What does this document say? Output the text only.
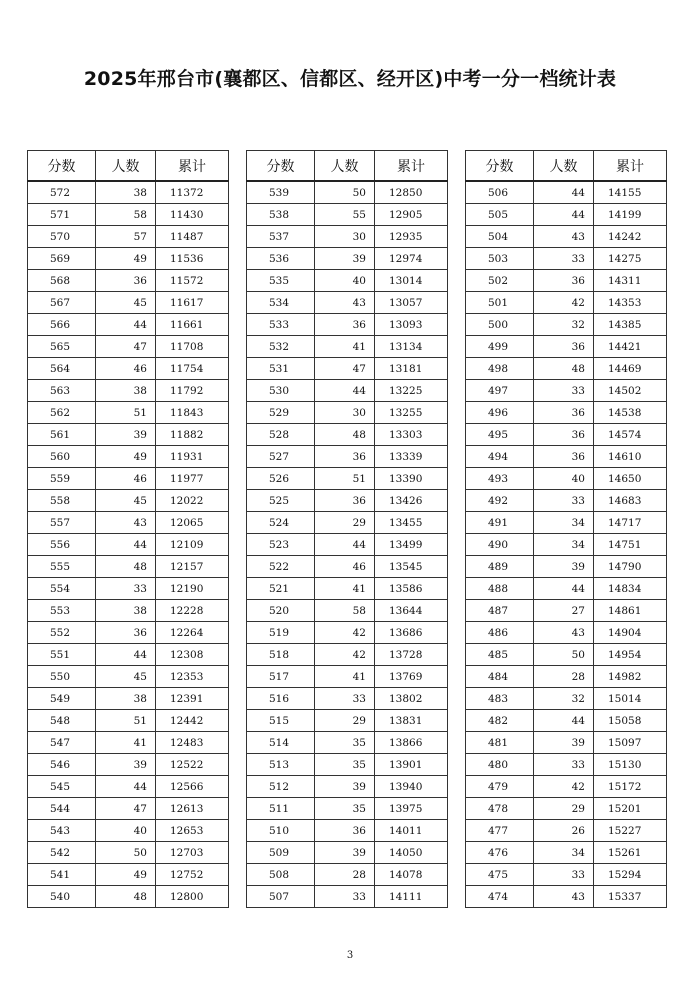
2025年邢台市(襄都区、信都区、经开区)中考一分一档统计表
分数	人数	累计
572	38	11372
571	58	11430
570	57	11487
569	49	11536
568	36	11572
567	45	11617
566	44	11661
565	47	11708
564	46	11754
563	38	11792
562	51	11843
561	39	11882
560	49	11931
559	46	11977
558	45	12022
557	43	12065
556	44	12109
555	48	12157
554	33	12190
553	38	12228
552	36	12264
551	44	12308
550	45	12353
549	38	12391
548	51	12442
547	41	12483
546	39	12522
545	44	12566
544	47	12613
543	40	12653
542	50	12703
541	49	12752
540	48	12800
分数	人数	累计
539	50	12850
538	55	12905
537	30	12935
536	39	12974
535	40	13014
534	43	13057
533	36	13093
532	41	13134
531	47	13181
530	44	13225
529	30	13255
528	48	13303
527	36	13339
526	51	13390
525	36	13426
524	29	13455
523	44	13499
522	46	13545
521	41	13586
520	58	13644
519	42	13686
518	42	13728
517	41	13769
516	33	13802
515	29	13831
514	35	13866
513	35	13901
512	39	13940
511	35	13975
510	36	14011
509	39	14050
508	28	14078
507	33	14111
分数	人数	累计
506	44	14155
505	44	14199
504	43	14242
503	33	14275
502	36	14311
501	42	14353
500	32	14385
499	36	14421
498	48	14469
497	33	14502
496	36	14538
495	36	14574
494	36	14610
493	40	14650
492	33	14683
491	34	14717
490	34	14751
489	39	14790
488	44	14834
487	27	14861
486	43	14904
485	50	14954
484	28	14982
483	32	15014
482	44	15058
481	39	15097
480	33	15130
479	42	15172
478	29	15201
477	26	15227
476	34	15261
475	33	15294
474	43	15337
3
